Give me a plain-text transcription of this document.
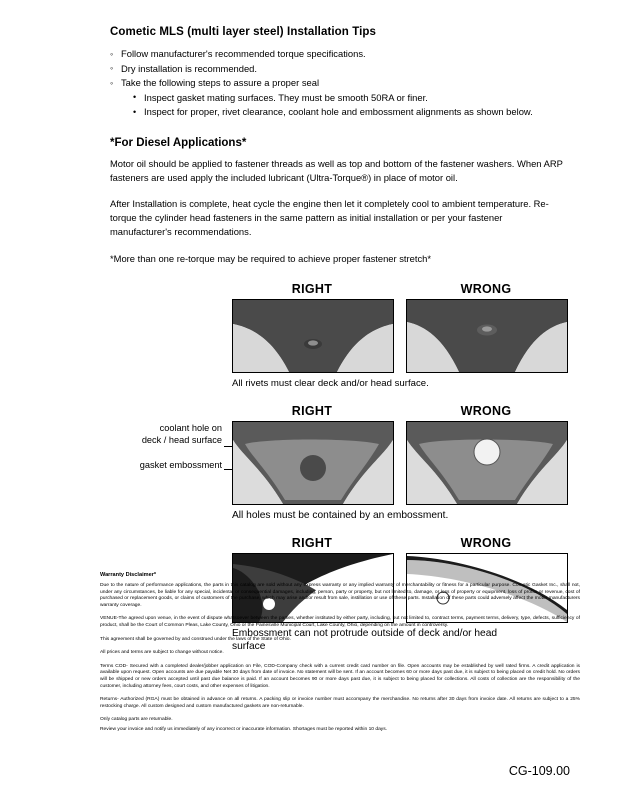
Cometic MLS (multi layer steel) Installation Tips
◦ Follow manufacturer's recommended torque specifications.
◦ Dry installation is recommended.
◦ Take the following steps to assure a proper seal
• Inspect gasket mating surfaces. They must be smooth 50RA or finer.
• Inspect for proper, rivet clearance, coolant hole and embossment alignments as shown below.
*For Diesel Applications*

Motor oil should be applied to fastener threads as well as top and bottom of the fastener washers. When ARP fasteners are used apply the included lubricant (Ultra-Torque®) in place of motor oil.

After Installation is complete, heat cycle the engine then let it completely cool to ambient temperature. Re-torque the cylinder head fasteners in the same pattern as initial installation or per your fastener manufacturer's recommendations.

*More than one re-torque may be required to achieve proper fastener stretch*

RIGHT	WRONG

All rivets must clear deck and/or head surface.

coolant hole on
deck / head surface
gasket embossment
RIGHT	WRONG

All holes must be contained by an embossment.

RIGHT	WRONG

Embossment can not protrude outside of deck and/or head surface

Warranty Disclaimer*

Due to the nature of performance applications, the parts in this catalog are sold without any express warranty or any implied warranty of merchantability or fitness for a particular purpose. Cometic Gasket Inc., shall not, under any circumstances, be liable for any special, incidental or consequential damages, including, person, party or property, but not limited to, damage, or loss of property or equipment, loss of profits or revenue, cost of purchased or replacement goods, or claims of customers of the purchase, which may arise and/or result from sale, instillation or use of these parts. Installation of these parts could adversely affect the motor manufacturers warranty coverage.

VENUE-The agreed upon venue, in the event of dispute whatsoever between the parties, whether instituted by either party, including, but not limited to, contract terms, payment terms, delivery, type, defects, sufficiency of product, shall be the Court of Common Pleas, Lake County, Ohio or the Painesville Municipal Court, Lake County, Ohio, depending on the amount in controversy.

This agreement shall be governed by and construed under the laws of the State of Ohio.

All prices and terms are subject to change without notice.

Terms COD- Secured with a completed dealer/jobber application on File, COD-Company check with a current credit card number on file. Open accounts may be established by well rated firms. A credit application is available upon request. Open accounts are due payable Net 30 days from date of invoice. No statement will be sent. If an account becomes 60 or more days past due, it is subject to being placed on credit hold. No orders will be shipped or new orders accepted until past due balance is paid. If an account becomes 90 or more days past due, it is subject to being placed for collections. All costs of collection are the responsibility of the customer, including attorney fees, court costs, and other expenses of litigation.

Returns- Authorized (RGA) must be obtained in advance on all returns. A packing slip or invoice number must accompany the merchandise. No returns after 30 days from invoice date. All returns are subject to a 25% restocking charge. All custom designed and custom manufactured gaskets are non-returnable.

Only catalog parts are returnable.

Review your invoice and notify us immediately of any incorrect or inaccurate information. Shortages must be reported within 10 days.

CG-109.00
